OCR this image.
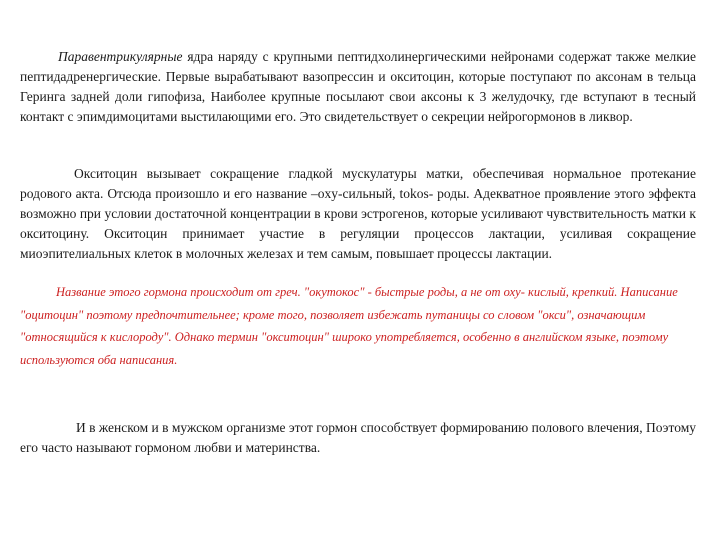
Паравентрикулярные ядра наряду с крупными пептидхолинергическими нейронами содержат также мелкие пептидадренергические. Первые вырабатывают вазопрессин и окситоцин, которые поступают по аксонам в тельца Геринга задней доли гипофиза, Наиболее крупные посылают свои аксоны к 3 желудочку, где вступают в тесный контакт с эпимдимоцитами выстилающими его. Это свидетельствует о секреции нейрогормонов в ликвор.

Окситоцин вызывает сокращение гладкой мускулатуры матки, обеспечивая нормальное протекание родового акта. Отсюда произошло и его название –oxy-сильный, tokos- роды. Адекватное проявление этого эффекта возможно при условии достаточной концентрации в крови эстрогенов, которые усиливают чувствительность матки к окситоцину. Окситоцин принимает участие в регуляции процессов лактации, усиливая сокращение миоэпителиальных клеток в молочных железах и тем самым, повышает процессы лактации.

Название этого гормона происходит от греч. "окутокос" - быстрые роды, а не от оху- кислый, крепкий. Написание "оцитоцин" поэтому предпочтительнее; кроме того, позволяет избежать путаницы со словом "окси", означающим "относящийся к кислороду". Однако термин "окситоцин" широко употребляется, особенно в английском языке, поэтому используются оба написания.

И в женском и в мужском организме этот гормон способствует формированию полового влечения, Поэтому его часто называют гормоном любви и материнства.
